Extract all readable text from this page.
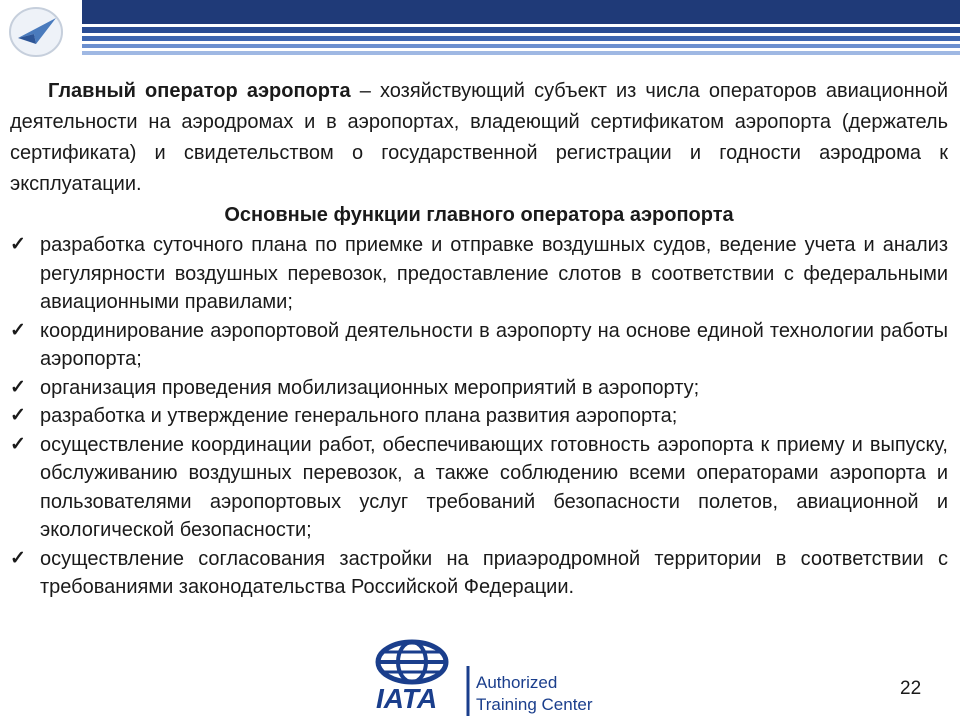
Главный оператор аэропорта – хозяйствующий субъект из числа операторов авиационной деятельности на аэродромах и в аэропортах, владеющий сертификатом аэропорта (держатель сертификата) и свидетельством о государственной регистрации и годности аэродрома к эксплуатации.

Основные функции главного оператора аэропорта

✓ разработка суточного плана по приемке и отправке воздушных судов, ведение учета и анализ регулярности воздушных перевозок, предоставление слотов в соответствии с федеральными авиационными правилами;
✓ координирование аэропортовой деятельности в аэропорту на основе единой технологии работы аэропорта;
✓ организация проведения мобилизационных мероприятий в аэропорту;
✓ разработка и утверждение генерального плана развития аэропорта;
✓ осуществление координации работ, обеспечивающих готовность аэропорта к приему и выпуску, обслуживанию воздушных перевозок, а также соблюдению всеми операторами аэропорта и пользователями аэропортовых услуг требований безопасности полетов, авиационной и экологической безопасности;
✓ осуществление согласования застройки на приаэродромной территории в соответствии с требованиями законодательства Российской Федерации.
IATA
Authorized
Training Center
22
